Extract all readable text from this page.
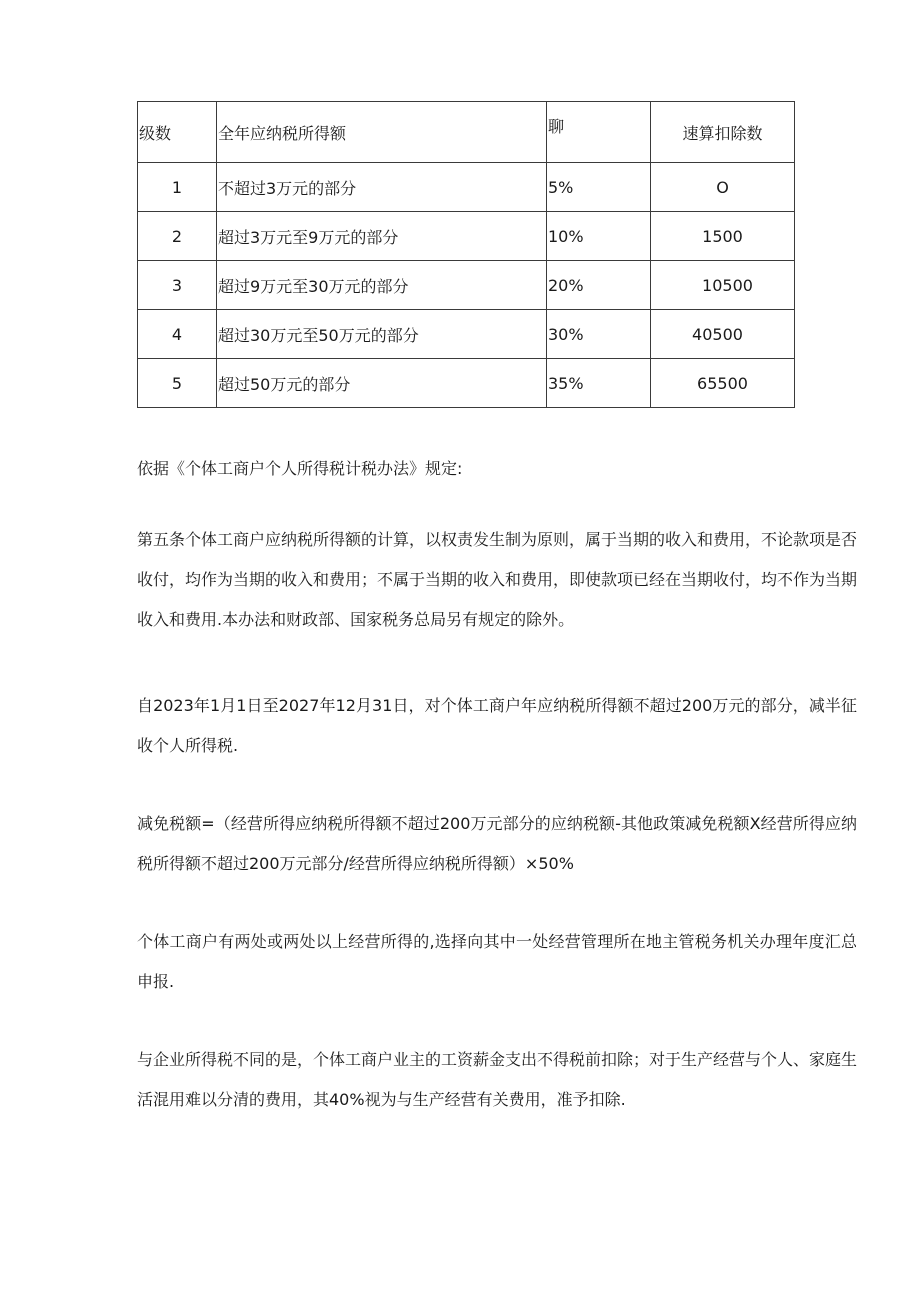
级数	全年应纳税所得额	聊	速算扣除数
1	不超过3万元的部分	5%	O
2	超过3万元至9万元的部分	10%	1500
3	超过9万元至30万元的部分	20%	10500
4	超过30万元至50万元的部分	30%	40500
5	超过50万元的部分	35%	65500

依据《个体工商户个人所得税计税办法》规定:

第五条个体工商户应纳税所得额的计算，以权责发生制为原则，属于当期的收入和费用，不论款项是否收付，均作为当期的收入和费用；不属于当期的收入和费用，即使款项已经在当期收付，均不作为当期收入和费用.本办法和财政部、国家税务总局另有规定的除外。

自2023年1月1日至2027年12月31日，对个体工商户年应纳税所得额不超过200万元的部分，减半征收个人所得税.

减免税额=（经营所得应纳税所得额不超过200万元部分的应纳税额-其他政策减免税额X经营所得应纳税所得额不超过200万元部分/经营所得应纳税所得额）×50%

个体工商户有两处或两处以上经营所得的,选择向其中一处经营管理所在地主管税务机关办理年度汇总申报.

与企业所得税不同的是，个体工商户业主的工资薪金支出不得税前扣除；对于生产经营与个人、家庭生活混用难以分清的费用，其40%视为与生产经营有关费用，准予扣除.
